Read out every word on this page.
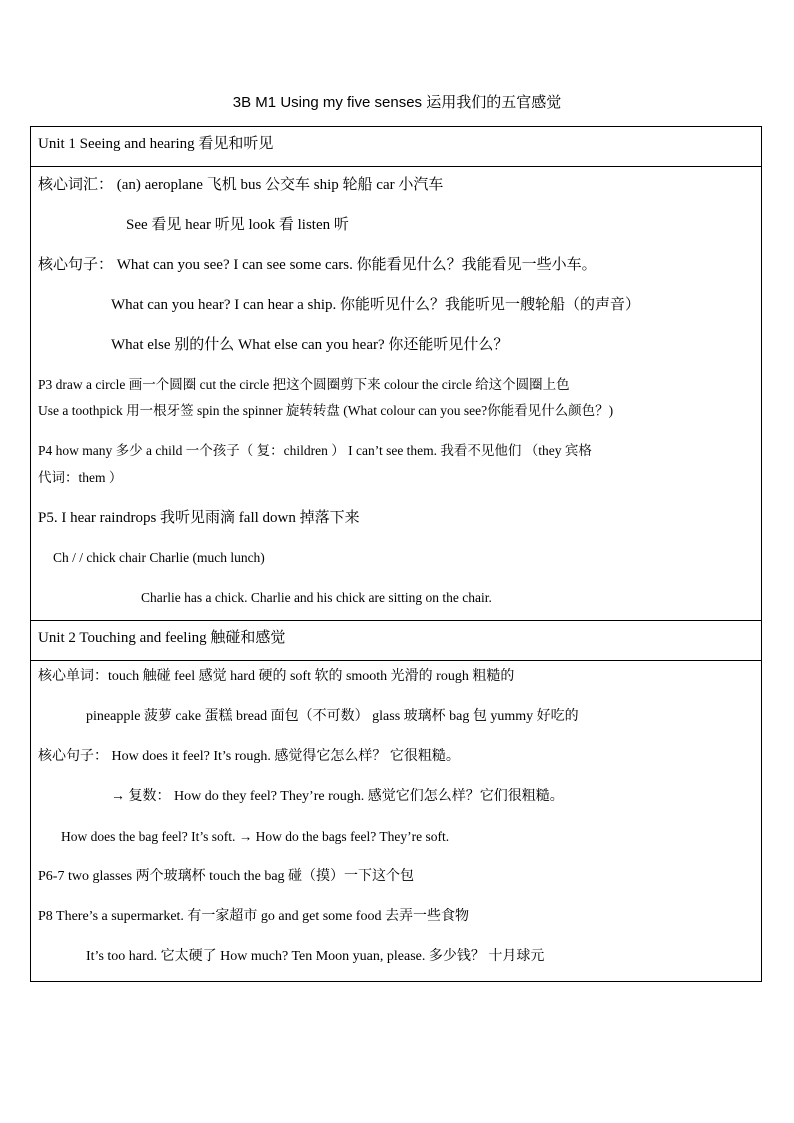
3B M1 Using my five senses 运用我们的五官感觉
Unit 1 Seeing and hearing 看见和听见
核心词汇： (an) aeroplane 飞机 bus 公交车 ship 轮船 car 小汽车
See 看见 hear 听见 look 看 listen 听
核心句子： What can you see? I can see some cars. 你能看见什么？我能看见一些小车。
What can you hear? I can hear a ship. 你能听见什么？我能听见一艘轮船（的声音）
What else 别的什么 What else can you hear? 你还能听见什么？
P3 draw a circle 画一个圆圈 cut the circle 把这个圆圈剪下来 colour the circle 给这个圆圈上色
Use a toothpick 用一根牙签 spin the spinner 旋转转盘 (What colour can you see?你能看见什么颜色？)
P4 how many 多少 a child 一个孩子（ 复：children ） I can’t see them. 我看不见他们 （they 宾格
代词：them ）
P5. I hear raindrops 我听见雨滴 fall down 掉落下来
Ch / / chick chair Charlie (much lunch)
Charlie has a chick. Charlie and his chick are sitting on the chair.
Unit 2 Touching and feeling 触碰和感觉
核心单词：touch 触碰 feel 感觉 hard 硬的 soft 软的 smooth 光滑的 rough 粗糙的
pineapple 菠萝 cake 蛋糕 bread 面包（不可数） glass 玻璃杯 bag 包 yummy 好吃的
核心句子： How does it feel? It’s rough. 感觉得它怎么样？ 它很粗糙。
→ 复数： How do they feel? They’re rough. 感觉它们怎么样？它们很粗糙。
How does the bag feel? It’s soft. → How do the bags feel? They’re soft.
P6-7 two glasses 两个玻璃杯 touch the bag 碰（摸）一下这个包
P8 There’s a supermarket. 有一家超市 go and get some food 去弄一些食物
It’s too hard. 它太硬了 How much? Ten Moon yuan, please. 多少钱？ 十月球元
